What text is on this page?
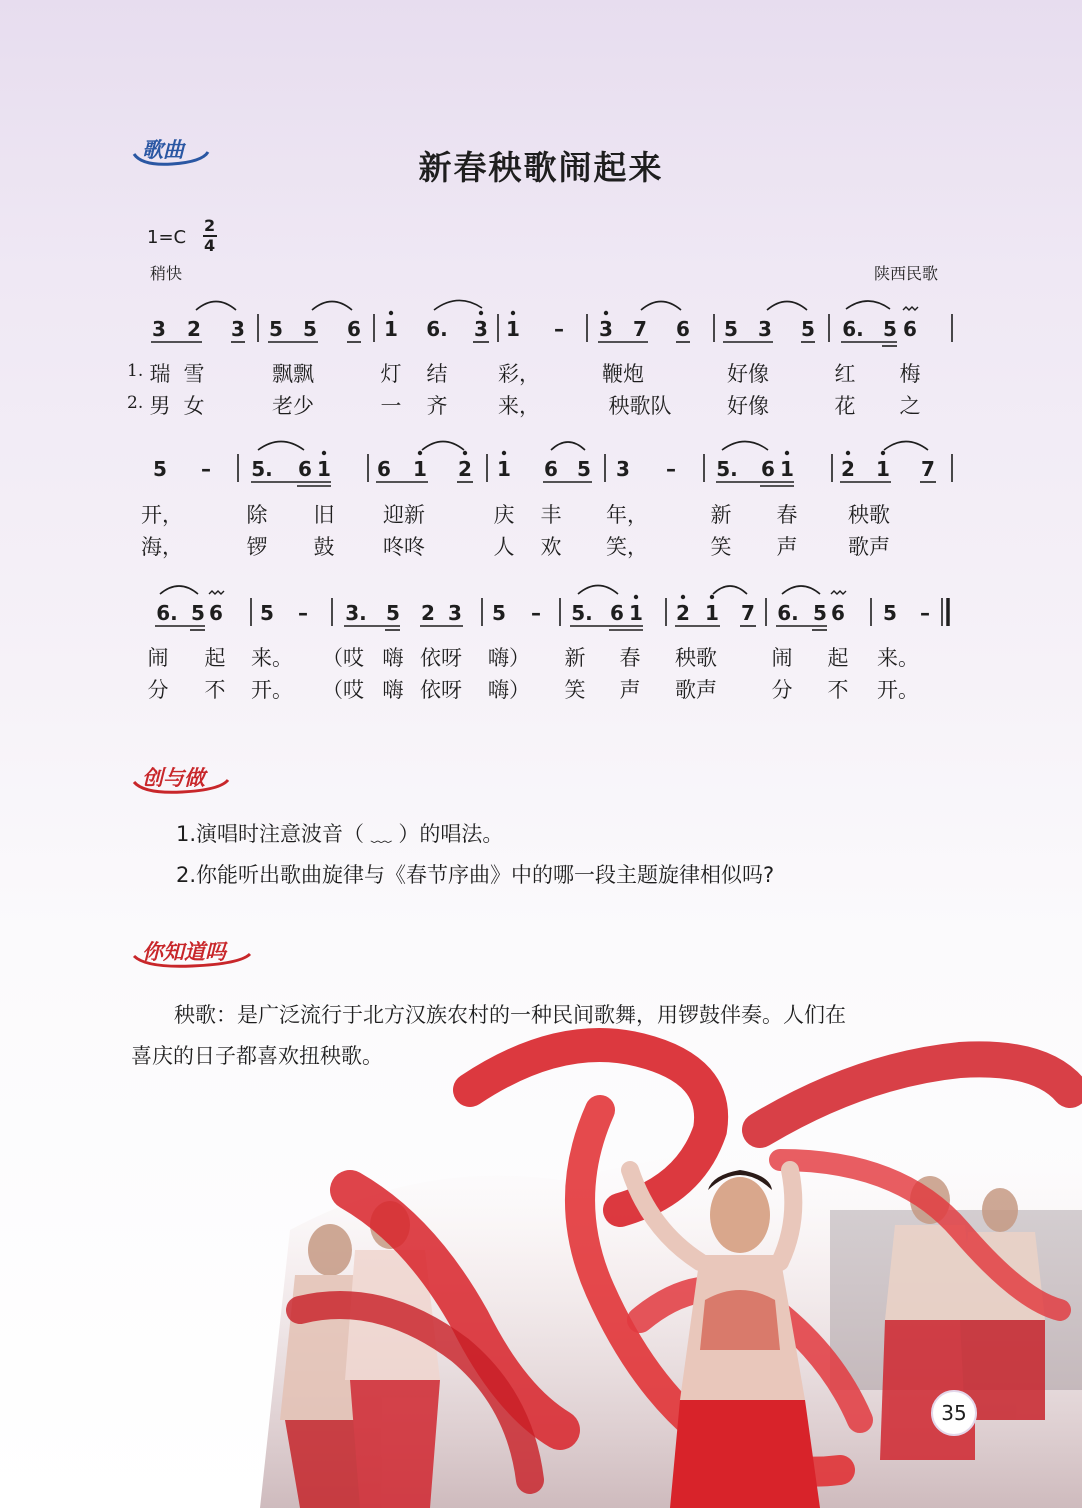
歌曲	新春秧歌闹起来
1=C
2
4
稍快	陕西民歌
3 2 3 5 5 6 1 6. 3 1 – 3 7 6 5 3 5 6. 5 6
5 – 5. 6 1 6 1 2 1 6 5 3 – 5. 6 1 2 1 7
6. 5 6 5 – 3. 5 2 3 5 – 5. 6 1 2 1 7 6. 5 6 5 –
1.
2.
瑞 雪	飘飘	灯 结 彩，	鞭炮	好像	红 梅
男 女	老少	一 齐 来，	秧歌队	好像	花 之
开，	除 旧 迎新	庆 丰 年，	新 春 秧歌
海，	锣 鼓 咚咚	人 欢 笑，	笑 声 歌声
闹 起 来。 （哎 嗨 依呀 嗨） 新 春 秧歌	闹 起 来。
分 不 开。 （哎 嗨 依呀 嗨） 笑 声 歌声	分 不 开。
创与做
1.演唱时注意波音（ ﹏ ）的唱法。
2.你能听出歌曲旋律与《春节序曲》中的哪一段主题旋律相似吗?
你知道吗
秧歌：是广泛流行于北方汉族农村的一种民间歌舞，用锣鼓伴奏。人们在
喜庆的日子都喜欢扭秧歌。
35
